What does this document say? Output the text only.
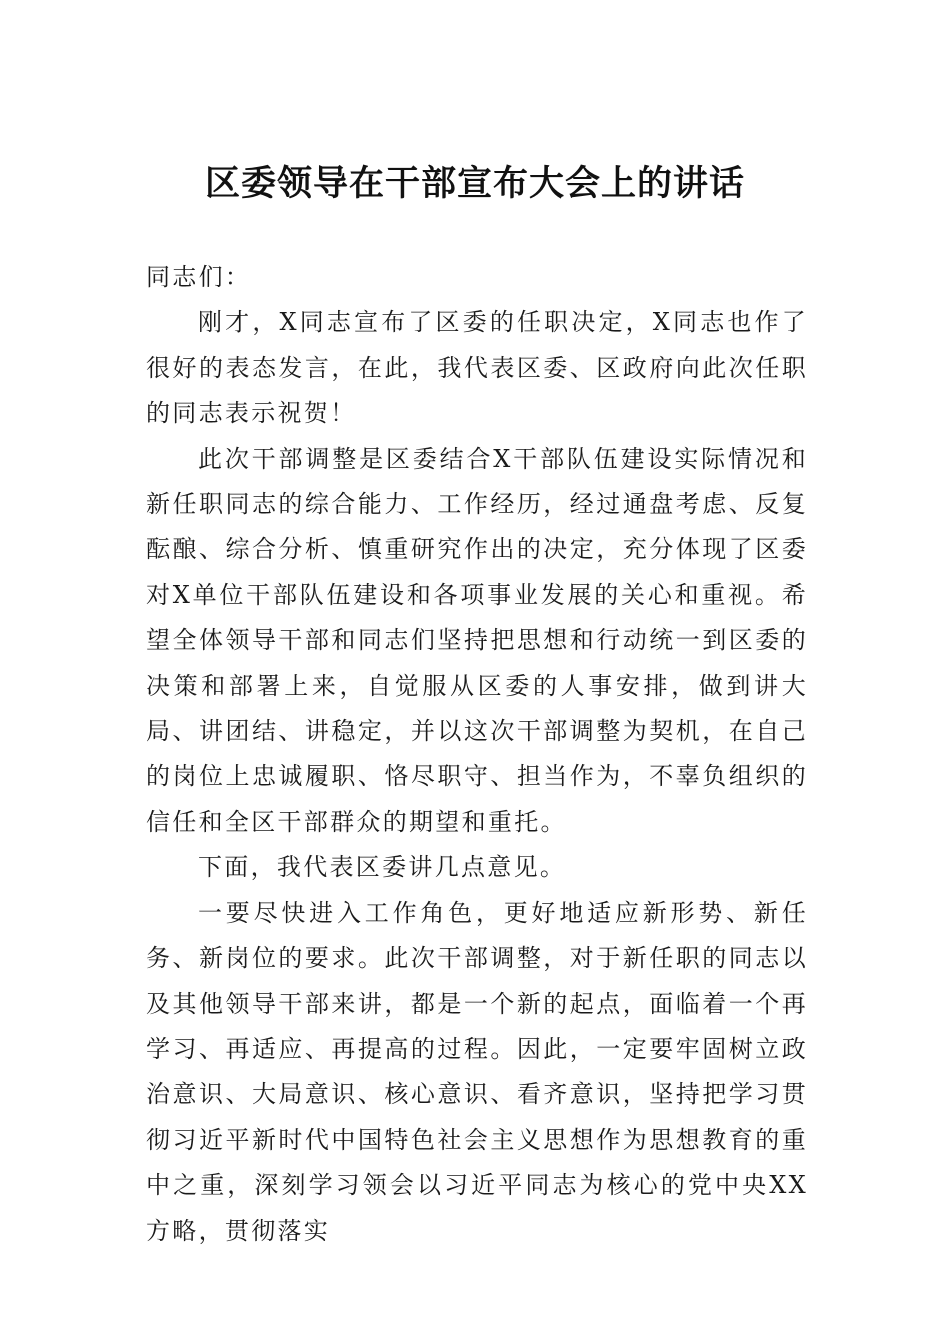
区委领导在干部宣布大会上的讲话

同志们：

刚才，X同志宣布了区委的任职决定，X同志也作了很好的表态发言，在此，我代表区委、区政府向此次任职的同志表示祝贺！

此次干部调整是区委结合X干部队伍建设实际情况和新任职同志的综合能力、工作经历，经过通盘考虑、反复酝酿、综合分析、慎重研究作出的决定，充分体现了区委对X单位干部队伍建设和各项事业发展的关心和重视。希望全体领导干部和同志们坚持把思想和行动统一到区委的决策和部署上来，自觉服从区委的人事安排，做到讲大局、讲团结、讲稳定，并以这次干部调整为契机，在自己的岗位上忠诚履职、恪尽职守、担当作为，不辜负组织的信任和全区干部群众的期望和重托。

下面，我代表区委讲几点意见。

一要尽快进入工作角色，更好地适应新形势、新任务、新岗位的要求。此次干部调整，对于新任职的同志以及其他领导干部来讲，都是一个新的起点，面临着一个再学习、再适应、再提高的过程。因此，一定要牢固树立政治意识、大局意识、核心意识、看齐意识，坚持把学习贯彻习近平新时代中国特色社会主义思想作为思想教育的重中之重，深刻学习领会以习近平同志为核心的党中央XX方略，贯彻落实
